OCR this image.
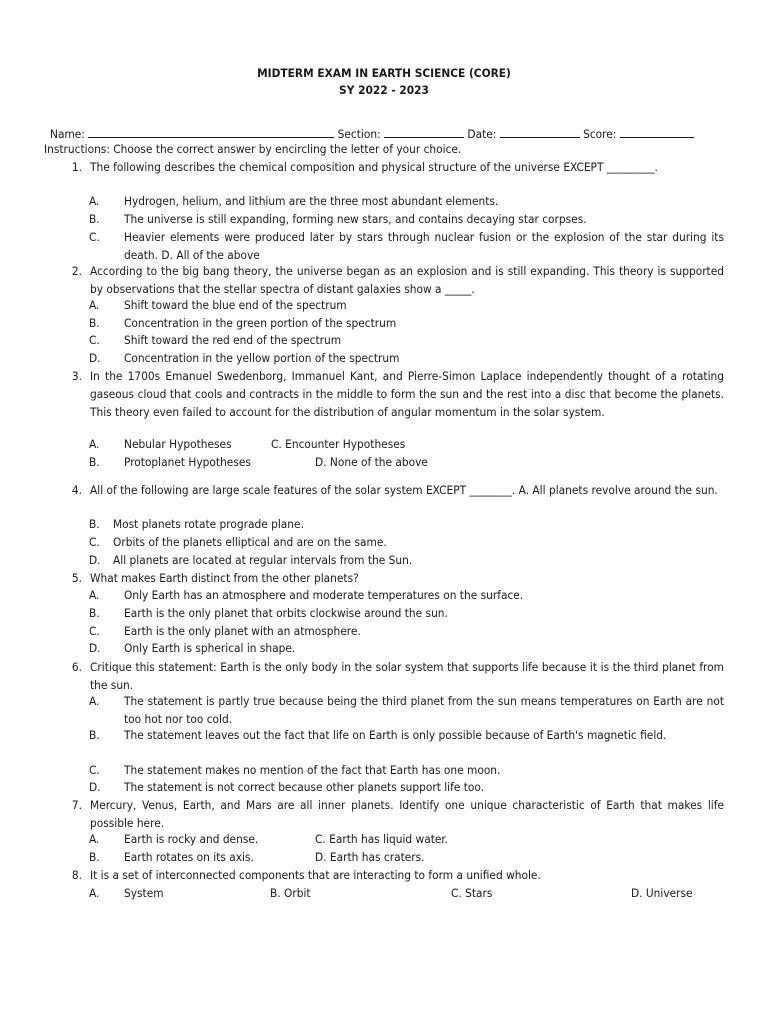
MIDTERM EXAM IN EARTH SCIENCE (CORE)
SY 2022 - 2023
Name:	Section:	Date:	Score:
Instructions: Choose the correct answer by encircling the letter of your choice.
1. The following describes the chemical composition and physical structure of the universe EXCEPT _________.
A. Hydrogen, helium, and lithium are the three most abundant elements.
B. The universe is still expanding, forming new stars, and contains decaying star corpses.
C. Heavier elements were produced later by stars through nuclear fusion or the explosion of the star during its death. D. All of the above
2. According to the big bang theory, the universe began as an explosion and is still expanding. This theory is supported by observations that the stellar spectra of distant galaxies show a _____.
A. Shift toward the blue end of the spectrum
B. Concentration in the green portion of the spectrum
C. Shift toward the red end of the spectrum
D. Concentration in the yellow portion of the spectrum
3. In the 1700s Emanuel Swedenborg, Immanuel Kant, and Pierre-Simon Laplace independently thought of a rotating gaseous cloud that cools and contracts in the middle to form the sun and the rest into a disc that become the planets. This theory even failed to account for the distribution of angular momentum in the solar system.
A. Nebular Hypotheses	C. Encounter Hypotheses
B. Protoplanet Hypotheses	D. None of the above
4. All of the following are large scale features of the solar system EXCEPT ________. A. All planets revolve around the sun.
B. Most planets rotate prograde plane.
C. Orbits of the planets elliptical and are on the same.
D. All planets are located at regular intervals from the Sun.
5. What makes Earth distinct from the other planets?
A. Only Earth has an atmosphere and moderate temperatures on the surface.
B. Earth is the only planet that orbits clockwise around the sun.
C. Earth is the only planet with an atmosphere.
D. Only Earth is spherical in shape.
6. Critique this statement: Earth is the only body in the solar system that supports life because it is the third planet from the sun.
A. The statement is partly true because being the third planet from the sun means temperatures on Earth are not too hot nor too cold.
B. The statement leaves out the fact that life on Earth is only possible because of Earth's magnetic field.
C. The statement makes no mention of the fact that Earth has one moon.
D. The statement is not correct because other planets support life too.
7. Mercury, Venus, Earth, and Mars are all inner planets. Identify one unique characteristic of Earth that makes life possible here.
A. Earth is rocky and dense.	C. Earth has liquid water.
B. Earth rotates on its axis.	D. Earth has craters.
8. It is a set of interconnected components that are interacting to form a unified whole.
A. System	B. Orbit	C. Stars	D. Universe
